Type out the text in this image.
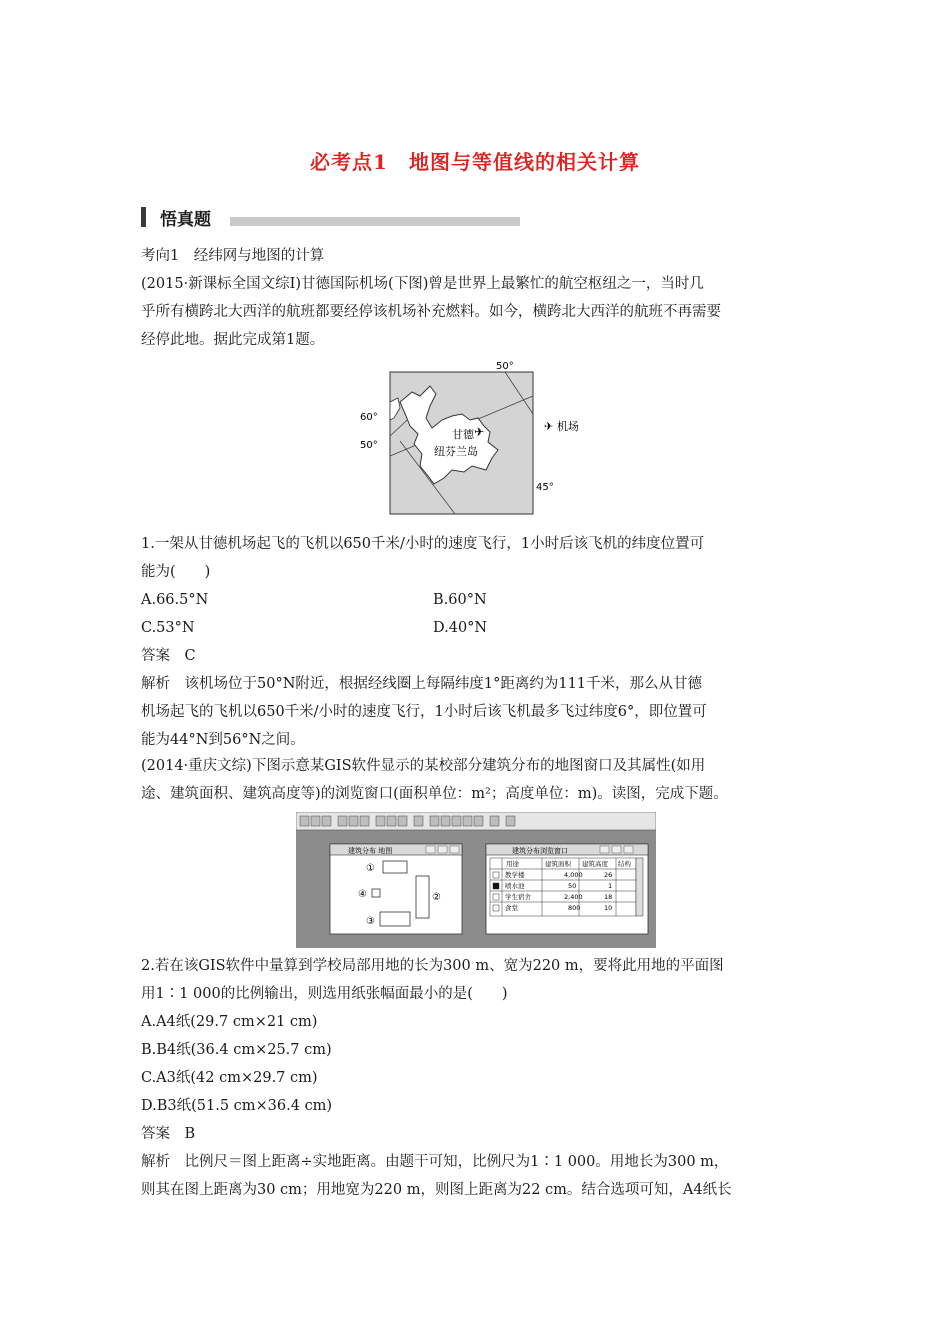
必考点1　地图与等值线的相关计算
悟真题
考向1　经纬网与地图的计算
(2015·新课标全国文综Ⅰ)甘德国际机场(下图)曾是世界上最繁忙的航空枢纽之一，当时几
乎所有横跨北大西洋的航班都要经停该机场补充燃料。如今，横跨北大西洋的航班不再需要
经停此地。据此完成第1题。
60°
50°
50°
45°
甘德
纽芬兰岛
✈	✈ 机场
1.一架从甘德机场起飞的飞机以650千米/小时的速度飞行，1小时后该飞机的纬度位置可
能为(　　)
A.66.5°N	B.60°N
C.53°N	D.40°N
答案　C
解析　该机场位于50°N附近，根据经线圈上每隔纬度1°距离约为111千米，那么从甘德
机场起飞的飞机以650千米/小时的速度飞行，1小时后该飞机最多飞过纬度6°，即位置可
能为44°N到56°N之间。
(2014·重庆文综)下图示意某GIS软件显示的某校部分建筑分布的地图窗口及其属性(如用
途、建筑面积、建筑高度等)的浏览窗口(面积单位：m²；高度单位：m)。读图，完成下题。
建筑分布 地图
①
②
③
④
建筑分布浏览窗口
用途	建筑面积 建筑高度 结构
教学楼	4,000	26
喷水池	50	1
学生宿舍	2,400	18
食堂	800	10
2.若在该GIS软件中量算到学校局部用地的长为300 m、宽为220 m，要将此用地的平面图
用1∶1 000的比例输出，则选用纸张幅面最小的是(　　)
A.A4纸(29.7 cm×21 cm)
B.B4纸(36.4 cm×25.7 cm)
C.A3纸(42 cm×29.7 cm)
D.B3纸(51.5 cm×36.4 cm)
答案　B
解析　比例尺＝图上距离÷实地距离。由题干可知，比例尺为1∶1 000。用地长为300 m，
则其在图上距离为30 cm；用地宽为220 m，则图上距离为22 cm。结合选项可知，A4纸长
